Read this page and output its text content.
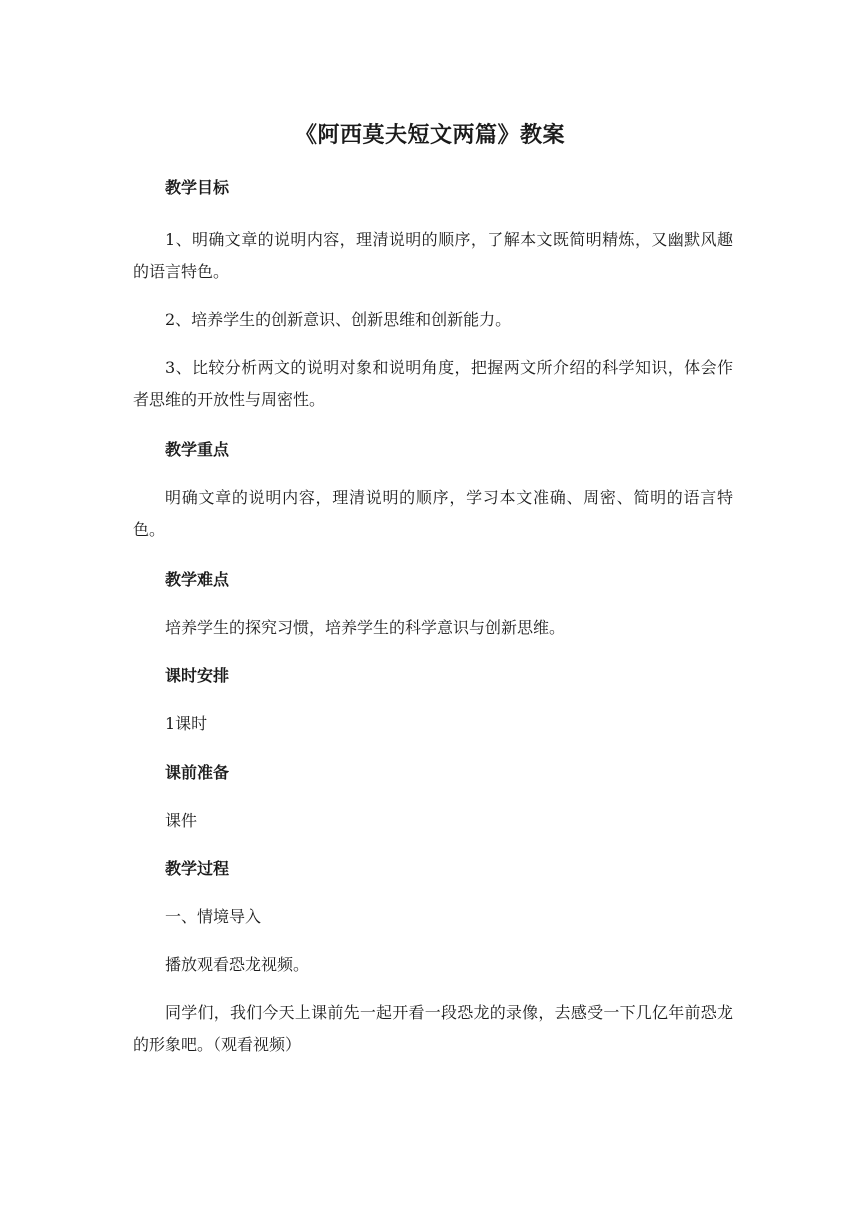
《阿西莫夫短文两篇》教案
教学目标
1、明确文章的说明内容，理清说明的顺序，了解本文既简明精炼，又幽默风趣的语言特色。
2、培养学生的创新意识、创新思维和创新能力。
3、比较分析两文的说明对象和说明角度，把握两文所介绍的科学知识，体会作者思维的开放性与周密性。
教学重点
明确文章的说明内容，理清说明的顺序，学习本文准确、周密、简明的语言特色。
教学难点
培养学生的探究习惯，培养学生的科学意识与创新思维。
课时安排
1课时
课前准备
课件
教学过程
一、情境导入
播放观看恐龙视频。
同学们，我们今天上课前先一起开看一段恐龙的录像，去感受一下几亿年前恐龙的形象吧。（观看视频）
